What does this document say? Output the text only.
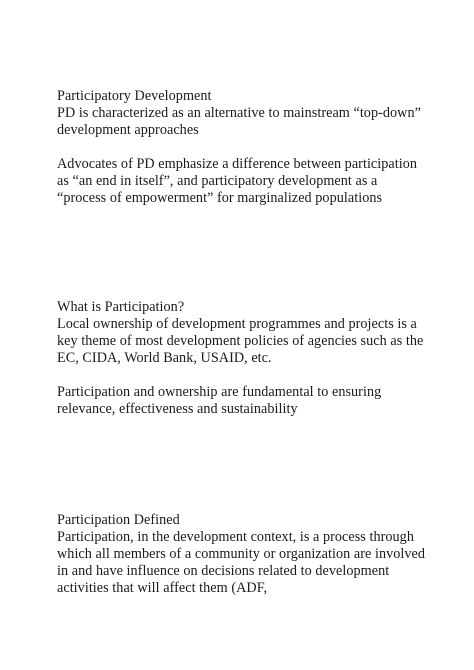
Participatory Development
PD is characterized as an alternative to mainstream “top-down”
development approaches
Advocates of PD emphasize a difference between participation
as “an end in itself”, and participatory development as a
“process of empowerment” for marginalized populations
What is Participation?
Local ownership of development programmes and projects is a
key theme of most development policies of agencies such as the
EC, CIDA, World Bank, USAID, etc.
Participation and ownership are fundamental to ensuring
relevance, effectiveness and sustainability
Participation Defined
Participation, in the development context, is a process through
which all members of a community or organization are involved
in and have influence on decisions related to development
activities that will affect them (ADF,
